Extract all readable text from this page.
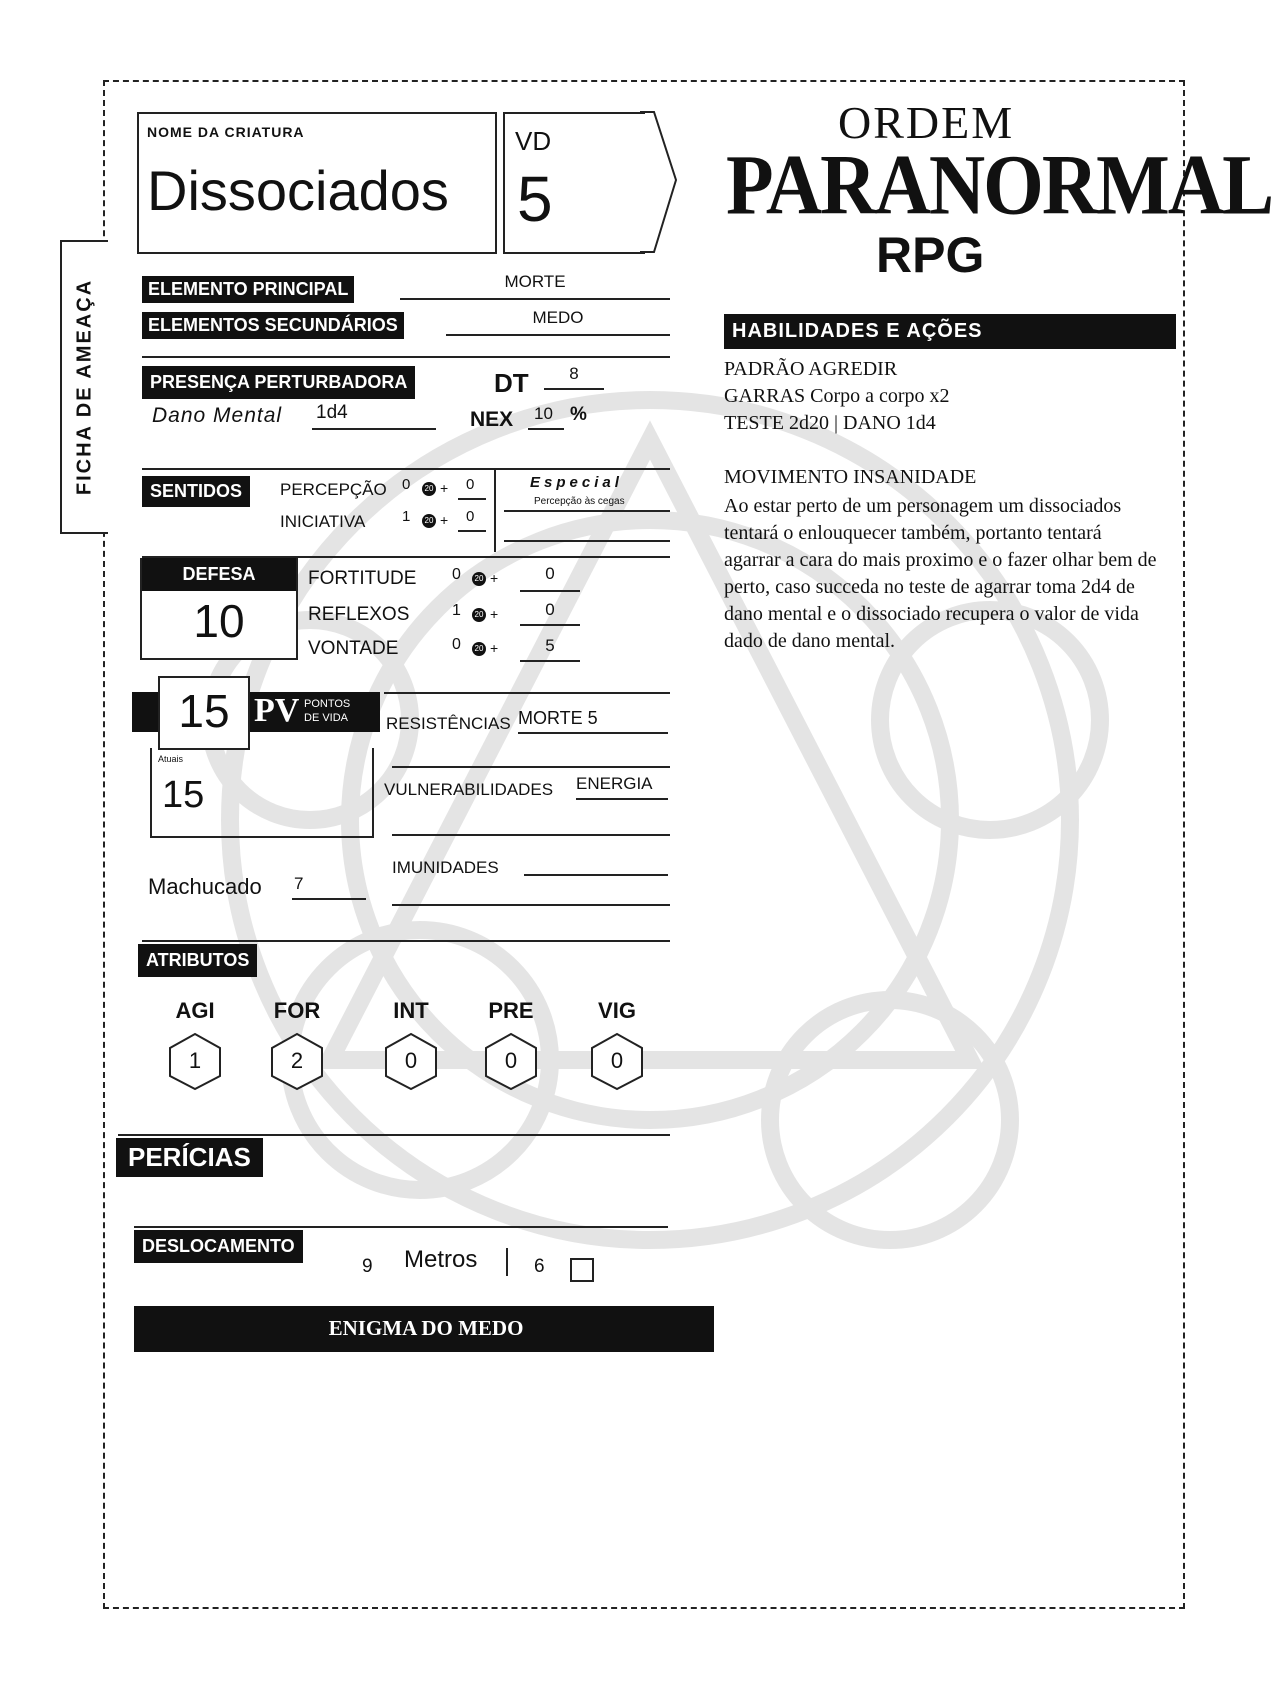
FICHA DE AMEAÇA
NOME DA CRIATURA
Dissociados
VD
5
ORDEM
PARANORMAL
RPG
ELEMENTO PRINCIPAL	MORTE
ELEMENTOS SECUNDÁRIOS	MEDO
PRESENÇA PERTURBADORA	DT	8
Dano Mental 1d4	NEX 10 %
SENTIDOS	PERCEPÇÃO 0	20 + 0
INICIATIVA 1	20 + 0
Especial
Percepção às cegas
DEFESA
10
FORTITUDE 0	20 +	0
REFLEXOS	1	20 +	0
VONTADE	0	20 +	5
15 PV PONTOS
DE VIDA
Atuais
15
Machucado 7
RESISTÊNCIAS MORTE 5
VULNERABILIDADES ENERGIA
IMUNIDADES
ATRIBUTOS
AGI
1
FOR
2
INT
0
PRE
0
VIG
0
PERÍCIAS
DESLOCAMENTO
9 Metros	6
ENIGMA DO MEDO
HABILIDADES E AÇÕES
PADRÃO AGREDIR
GARRAS Corpo a corpo x2
TESTE 2d20 | DANO 1d4
MOVIMENTO INSANIDADE
Ao estar perto de um personagem um dissociados tentará o enlouquecer também, portanto tentará agarrar a cara do mais proximo e o fazer olhar bem de perto, caso succeda no teste de agarrar toma 2d4 de dano mental e o dissociado recupera o valor de vida dado de dano mental.
